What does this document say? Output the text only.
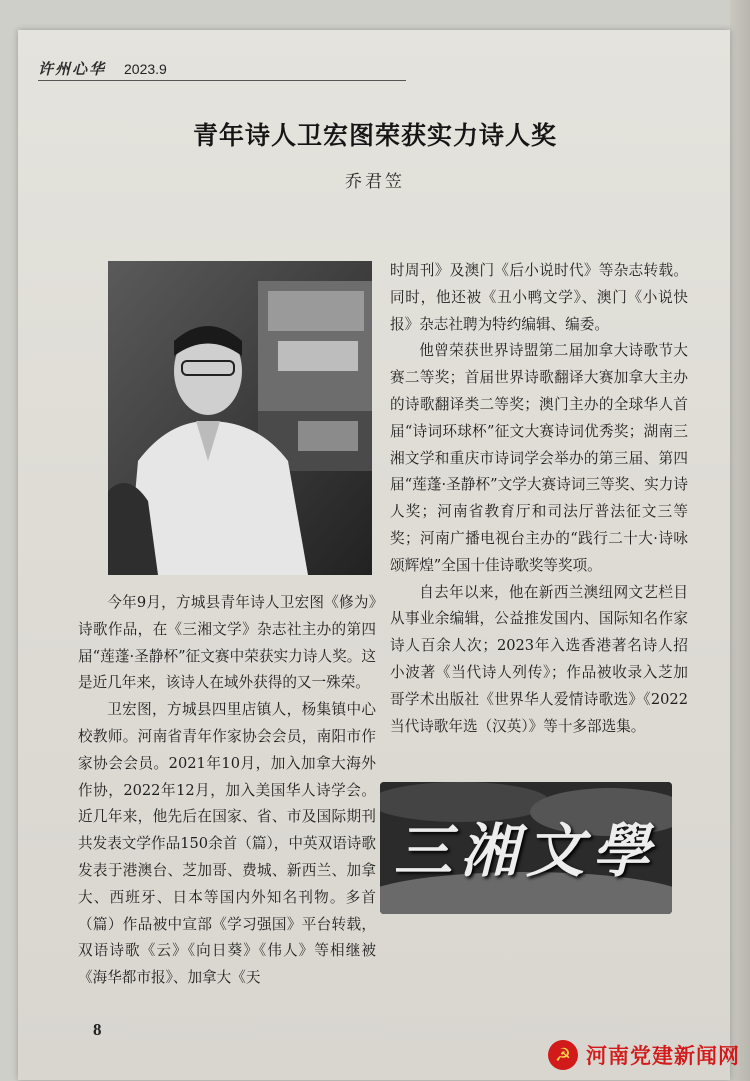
许州心华 2023.9
青年诗人卫宏图荣获实力诗人奖
乔君笠

今年9月，方城县青年诗人卫宏图《修为》诗歌作品，在《三湘文学》杂志社主办的第四届“莲蓬·圣静杯”征文赛中荣获实力诗人奖。这是近几年来，该诗人在域外获得的又一殊荣。

卫宏图，方城县四里店镇人，杨集镇中心校教师。河南省青年作家协会会员，南阳市作家协会会员。2021年10月，加入加拿大海外作协，2022年12月，加入美国华人诗学会。近几年来，他先后在国家、省、市及国际期刊共发表文学作品150余首（篇），中英双语诗歌发表于港澳台、芝加哥、费城、新西兰、加拿大、西班牙、日本等国内外知名刊物。多首（篇）作品被中宣部《学习强国》平台转载，双语诗歌《云》《向日葵》《伟人》等相继被《海华都市报》、加拿大《天

时周刊》及澳门《后小说时代》等杂志转载。同时，他还被《丑小鸭文学》、澳门《小说快报》杂志社聘为特约编辑、编委。

他曾荣获世界诗盟第二届加拿大诗歌节大赛二等奖；首届世界诗歌翻译大赛加拿大主办的诗歌翻译类二等奖；澳门主办的全球华人首届“诗词环球杯”征文大赛诗词优秀奖；湖南三湘文学和重庆市诗词学会举办的第三届、第四届“莲蓬·圣静杯”文学大赛诗词三等奖、实力诗人奖；河南省教育厅和司法厅普法征文三等奖；河南广播电视台主办的“践行二十大·诗咏颂辉煌”全国十佳诗歌奖等奖项。

自去年以来，他在新西兰澳纽网文艺栏目从事业余编辑，公益推发国内、国际知名作家诗人百余人次；2023年入选香港著名诗人招小波著《当代诗人列传》；作品被收录入芝加哥学术出版社《世界华人爱情诗歌选》《2022当代诗歌年选（汉英）》等十多部选集。

三湘文學
8
☭ 河南党建新闻网
